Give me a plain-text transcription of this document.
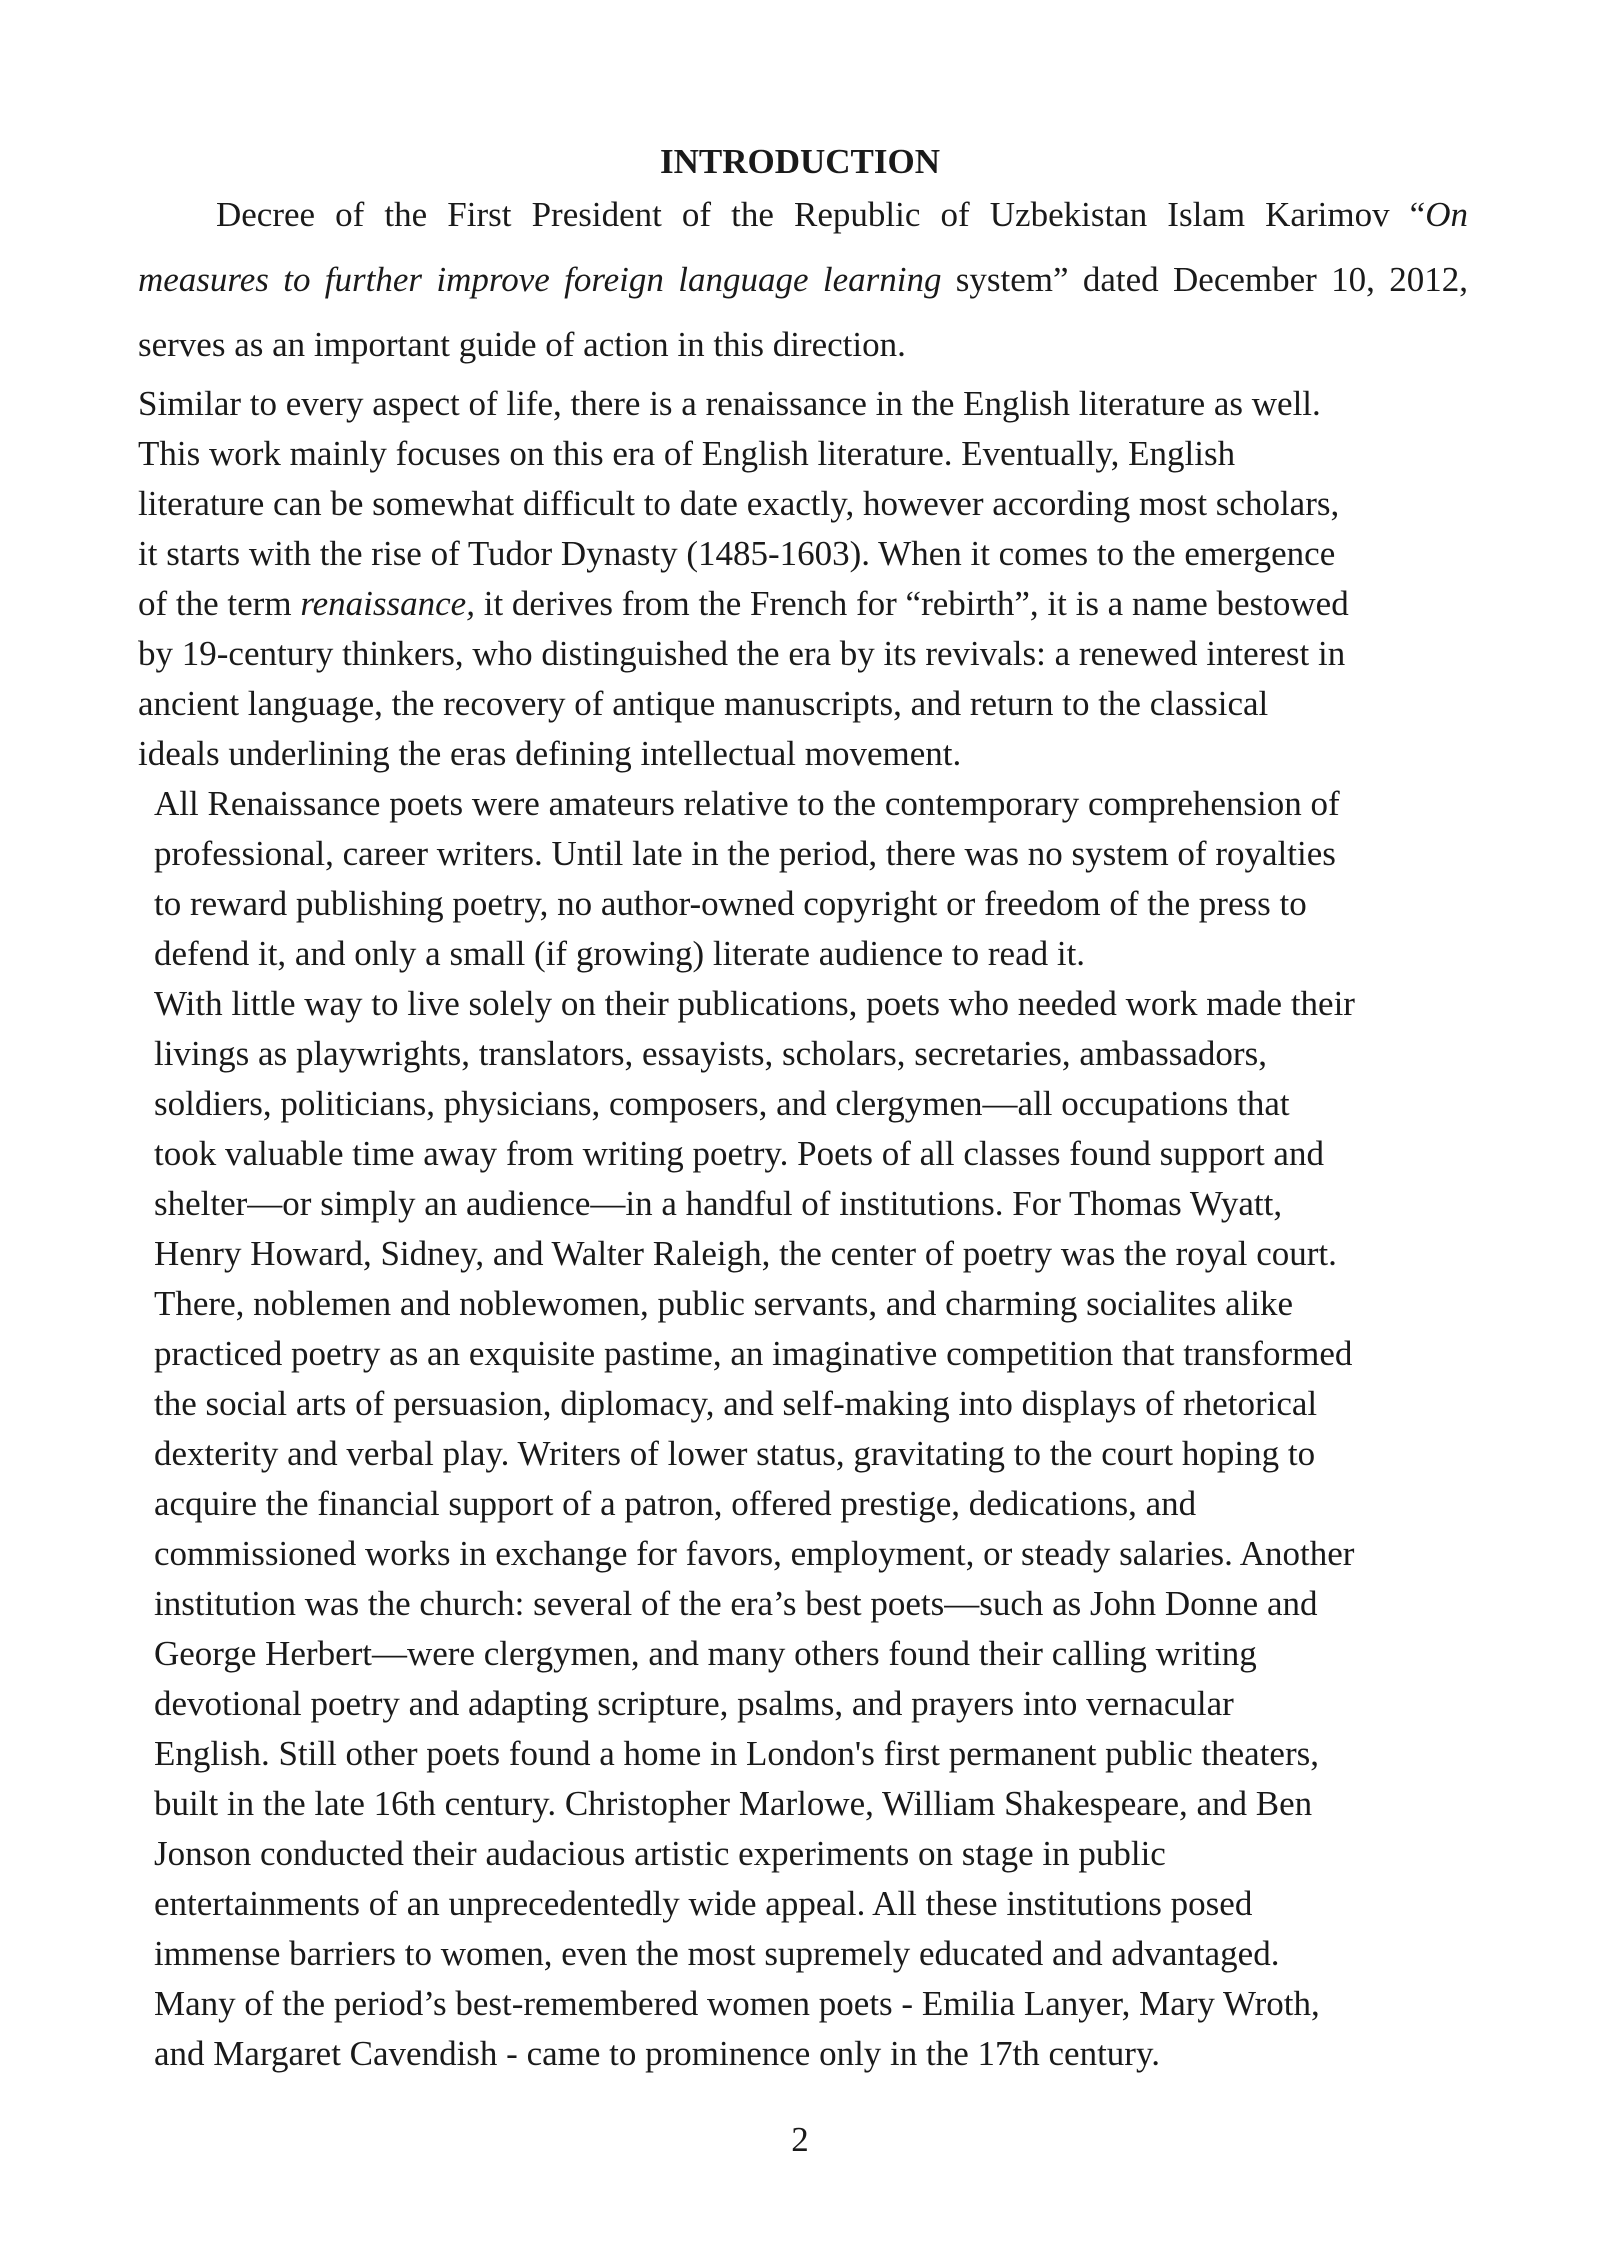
INTRODUCTION
Decree of the First President of the Republic of Uzbekistan Islam Karimov “On measures to further improve foreign language learning system” dated December 10, 2012, serves as an important guide of action in this direction.
Similar to every aspect of life, there is a renaissance in the English literature as well.
This work mainly focuses on this era of English literature. Eventually, English
literature can be somewhat difficult to date exactly, however according most scholars,
it starts with the rise of Tudor Dynasty (1485-1603). When it comes to the emergence
of the term renaissance, it derives from the French for “rebirth”, it is a name bestowed
by 19-century thinkers, who distinguished the era by its revivals: a renewed interest in
ancient language, the recovery of antique manuscripts, and return to the classical
ideals underlining the eras defining intellectual movement.
All Renaissance poets were amateurs relative to the contemporary comprehension of
professional, career writers. Until late in the period, there was no system of royalties
to reward publishing poetry, no author-owned copyright or freedom of the press to
defend it, and only a small (if growing) literate audience to read it.
With little way to live solely on their publications, poets who needed work made their
livings as playwrights, translators, essayists, scholars, secretaries, ambassadors,
soldiers, politicians, physicians, composers, and clergymen—all occupations that
took valuable time away from writing poetry. Poets of all classes found support and
shelter—or simply an audience—in a handful of institutions. For Thomas Wyatt,
Henry Howard, Sidney, and Walter Raleigh, the center of poetry was the royal court.
There, noblemen and noblewomen, public servants, and charming socialites alike
practiced poetry as an exquisite pastime, an imaginative competition that transformed
the social arts of persuasion, diplomacy, and self-making into displays of rhetorical
dexterity and verbal play. Writers of lower status, gravitating to the court hoping to
acquire the financial support of a patron, offered prestige, dedications, and
commissioned works in exchange for favors, employment, or steady salaries. Another
institution was the church: several of the era’s best poets—such as John Donne and
George Herbert—were clergymen, and many others found their calling writing
devotional poetry and adapting scripture, psalms, and prayers into vernacular
English. Still other poets found a home in London's first permanent public theaters,
built in the late 16th century. Christopher Marlowe, William Shakespeare, and Ben
Jonson conducted their audacious artistic experiments on stage in public
entertainments of an unprecedentedly wide appeal. All these institutions posed
immense barriers to women, even the most supremely educated and advantaged.
Many of the period’s best-remembered women poets - Emilia Lanyer, Mary Wroth,
and Margaret Cavendish - came to prominence only in the 17th century.
2
